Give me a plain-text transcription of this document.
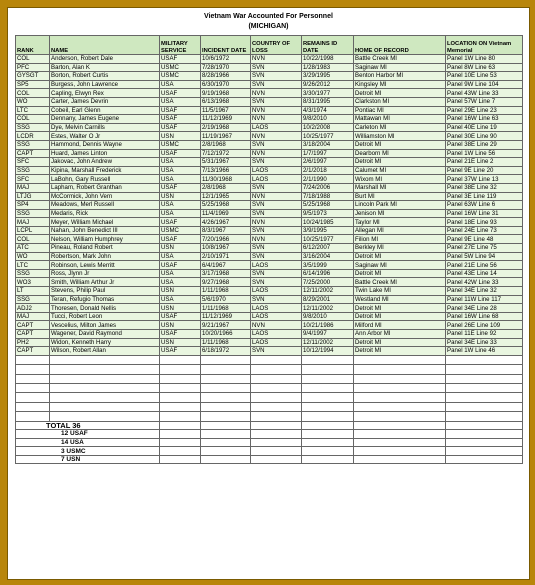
Vietnam War Accounted For Personnel
(MICHIGAN)
RANK	NAME	MILITARY SERVICE	INCIDENT DATE	COUNTRY OF LOSS	REMAINS ID DATE	HOME OF RECORD	LOCATION ON Vietnam Memorial
COL	Anderson, Robert Dale	USAF	10/6/1972	NVN	10/22/1998	Battle Creek MI	Panel 1W Line 80
PFC	Barton, Alan K	USMC	7/28/1970	SVN	1/28/1983	Saginaw MI	Panel 8W Line 63
GYSGT	Borton, Robert Curtis	USMC	8/28/1966	SVN	3/29/1995	Benton Harbor MI	Panel 10E Line 53
SP5	Burgess, John Lawrence	USA	6/30/1970	SVN	9/26/2012	Kingsley MI	Panel 9W Line 104
COL	Capling, Elwyn Rex	USAF	9/19/1968	NVN	3/30/1977	Detroit MI	Panel 43W Line 33
WO	Carter, James Devrin	USA	6/13/1968	SVN	8/31/1995	Clarkston MI	Panel 57W Line 7
LTC	Cobeil, Earl Glenn	USAF	11/5/1967	NVN	4/3/1974	Pontiac MI	Panel 29E Line 23
COL	Dennany, James Eugene	USAF	11/12/1969	NVN	9/8/2010	Mattawan MI	Panel 16W Line 63
SSG	Dye, Melvin Carnills	USAF	2/19/1968	LAOS	10/2/2008	Carleton MI	Panel 40E Line 19
LCDR	Estes, Walter O Jr	USN	11/19/1967	NVN	10/25/1977	Williamston MI	Panel 30E Line 90
SSG	Hammond, Dennis Wayne	USMC	2/8/1968	SVN	3/18/2004	Detroit MI	Panel 38E Line 29
CAPT	Huard, James Linton	USAF	7/12/1972	NVN	1/7/1997	Dearborn MI	Panel 1W Line 56
SFC	Jakovac, John Andrew	USA	5/31/1967	SVN	2/6/1997	Detroit MI	Panel 21E Line 2
SSG	Kipina, Marshall Frederick	USA	7/13/1966	LAOS	2/1/2018	Calumet MI	Panel 9E Line 20
SFC	LaBohn, Gary Russell	USA	11/30/1968	LAOS	2/1/1990	Wixom MI	Panel 37W Line 13
MAJ	Lapham, Robert Granthan	USAF	2/8/1968	SVN	7/24/2006	Marshall MI	Panel 38E Line 32
LTJG	McCormick, John Vern	USN	12/1/1965	NVN	7/18/1988	Burt MI	Panel 3E Line 119
SP4	Meadows, Merl Russell	USA	5/25/1968	SVN	5/25/1968	Lincoln Park MI	Panel 63W Line 6
SSG	Medaris, Rick	USA	11/4/1969	SVN	9/5/1973	Jenison MI	Panel 16W Line 31
MAJ	Meyer, William Michael	USAF	4/26/1967	NVN	10/24/1985	Taylor MI	Panel 18E Line 93
LCPL	Nahan, John Benedict III	USMC	8/3/1967	SVN	3/9/1995	Allegan MI	Panel 24E Line 73
COL	Nelson, William Humphrey	USAF	7/20/1966	NVN	10/25/1977	Filion MI	Panel 9E Line 48
ATC	Pineau, Roland Robert	USN	10/8/1967	SVN	6/12/2007	Berkley MI	Panel 27E Line 75
WO	Robertson, Mark John	USA	2/10/1971	SVN	3/16/2004	Detroit MI	Panel 5W Line 94
LTC	Robinson, Lewis Merritt	USAF	6/4/1967	LAOS	3/5/1999	Saginaw MI	Panel 21E Line 56
SSG	Ross, Jlynn Jr	USA	3/17/1968	SVN	6/14/1996	Detroit MI	Panel 43E Line 14
WO3	Smith, William Arthur Jr	USA	9/27/1968	SVN	7/25/2000	Battle Creek MI	Panel 42W Line 33
LT	Stevens, Philip Paul	USN	1/11/1968	LAOS	12/11/2002	Twin Lake MI	Panel 34E Line 32
SSG	Teran, Refugio Thomas	USA	5/6/1970	SVN	8/29/2001	Westland MI	Panel 11W Line 117
ADJ2	Thoresen, Donald Nellis	USN	1/11/1968	LAOS	12/11/2002	Detroit MI	Panel 34E Line 28
MAJ	Tucci, Robert Leon	USAF	11/12/1969	LAOS	9/8/2010	Detroit MI	Panel 16W Line 68
CAPT	Vescelius, Milton James	USN	9/21/1967	NVN	10/21/1986	Milford MI	Panel 26E Line 109
CAPT	Wagener, David Raymond	USAF	10/20/1966	LAOS	9/4/1997	Ann Arbor MI	Panel 11E Line 92
PH2	Widon, Kenneth Harry	USN	1/11/1968	LAOS	12/11/2002	Detroit MI	Panel 34E Line 33
CAPT	Wilson, Robert Allan	USAF	6/18/1972	SVN	10/12/1994	Detroit MI	Panel 1W Line 46

TOTAL 36							
12 USAF							
14 USA							
3 USMC							
7 USN							
